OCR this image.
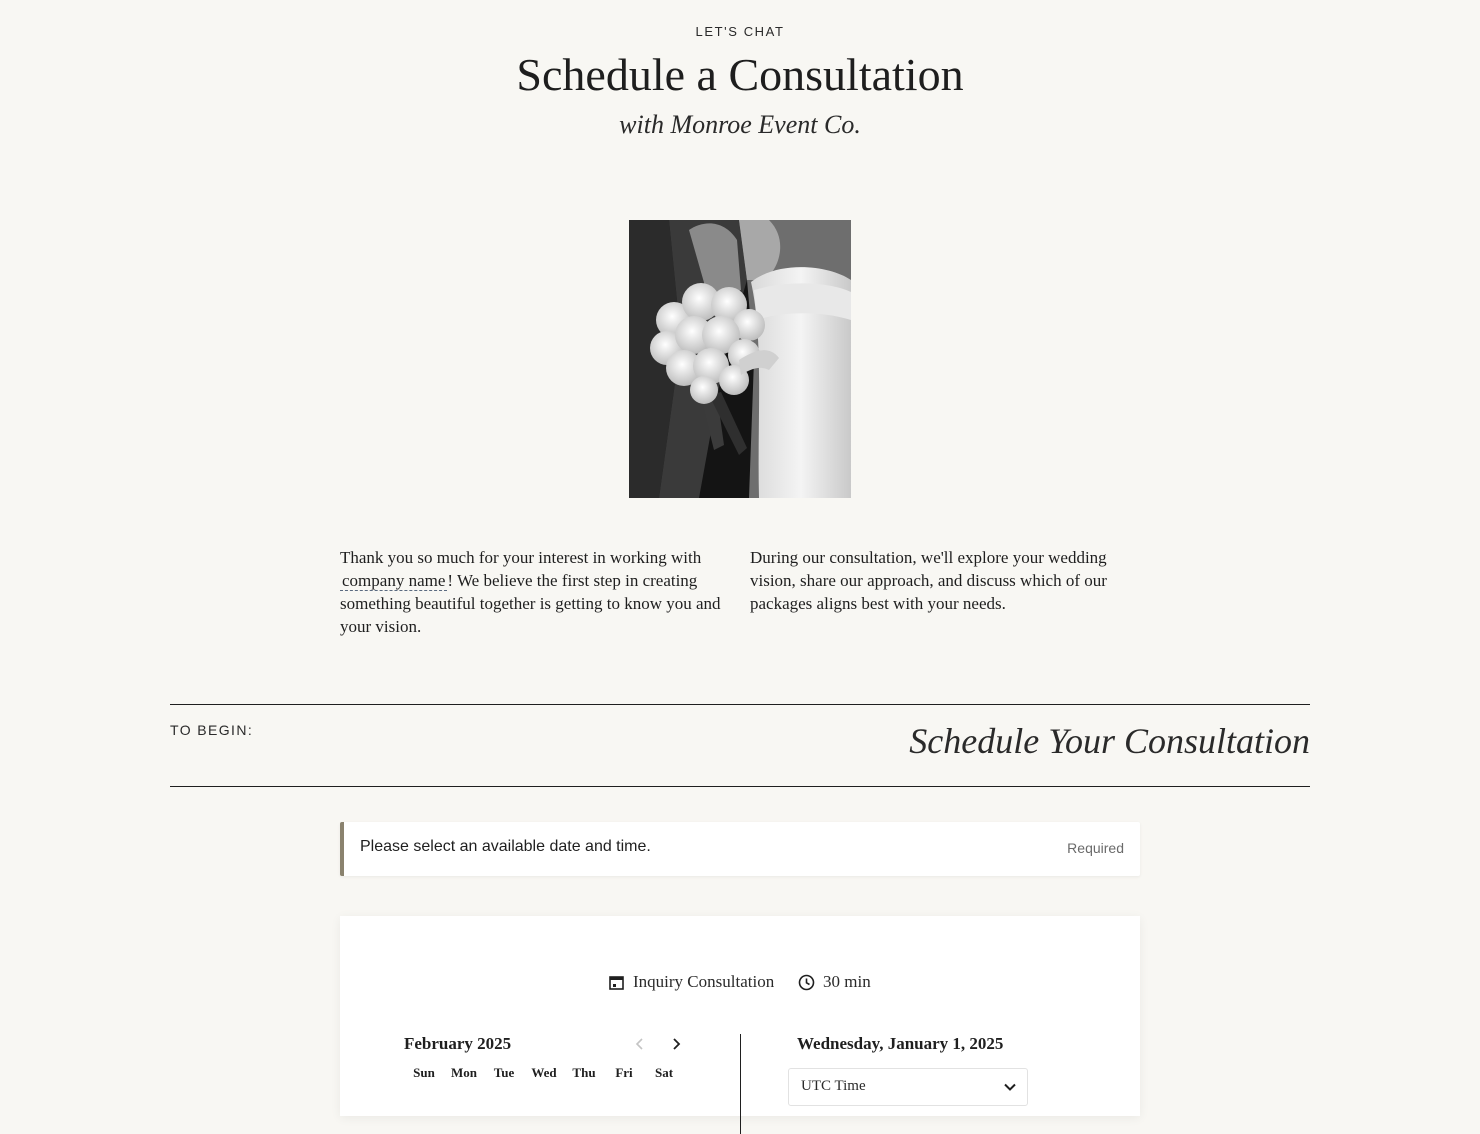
LET'S CHAT
Schedule a Consultation
with Monroe Event Co.
Thank you so much for your interest in working with company name ! We believe the first step in creating something beautiful together is getting to know you and your vision.
During our consultation, we'll explore your wedding vision, share our approach, and discuss which of our packages aligns best with your needs.
TO BEGIN:	Schedule Your Consultation
Please select an available date and time.	Required
Inquiry Consultation	30 min
February 2025
Sun	Mon	Tue	Wed	Thu	Fri	Sat
Wednesday, January 1, 2025
UTC Time
